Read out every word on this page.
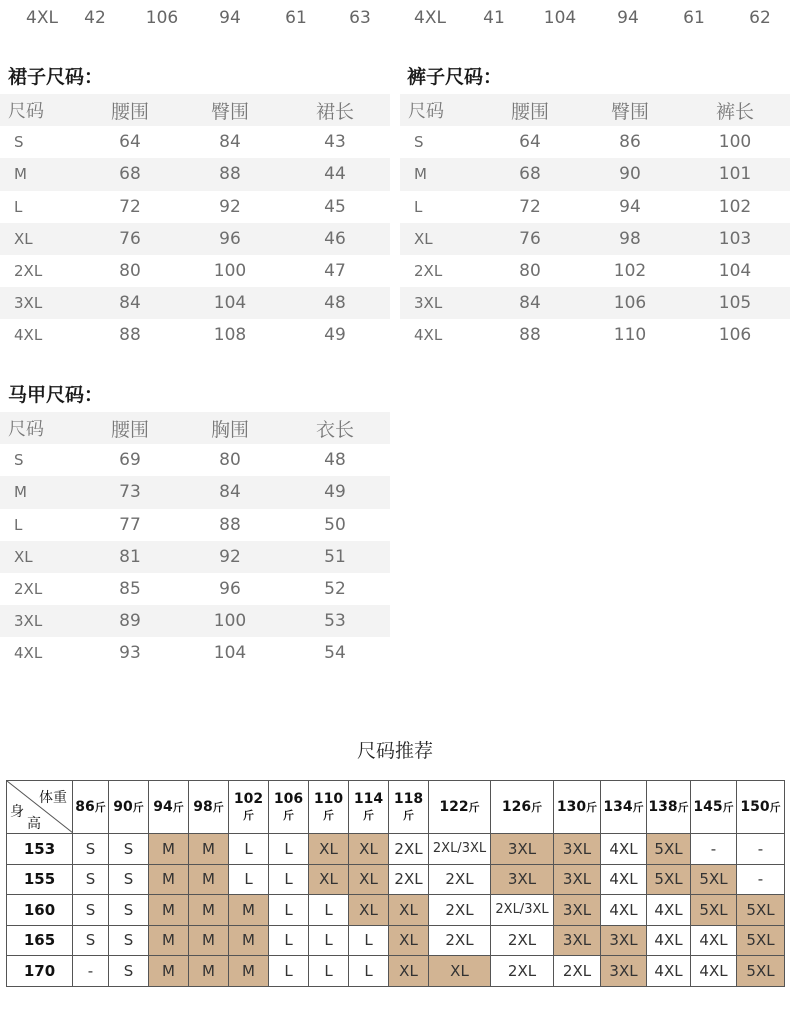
4XL	42	106	94	61	63	4XL	41	104	94	61	62
裙子尺码：
尺码	腰围	臀围	裙长
S	64	84	43
M	68	88	44
L	72	92	45
XL	76	96	46
2XL	80	100	47
3XL	84	104	48
4XL	88	108	49
裤子尺码：
尺码	腰围	臀围	裤长
S	64	86	100
M	68	90	101
L	72	94	102
XL	76	98	103
2XL	80	102	104
3XL	84	106	105
4XL	88	110	106
马甲尺码：
尺码	腰围	胸围	衣长
S	69	80	48
M	73	84	49
L	77	88	50
XL	81	92	51
2XL	85	96	52
3XL	89	100	53
4XL	93	104	54
尺码推荐
体重
身
高	86斤	90斤	94斤	98斤	102斤	106斤	110斤	114斤	118斤	122斤	126斤	130斤	134斤	138斤	145斤	150斤
153	S	S	M	M	L	L	XL	XL	2XL	2XL/3XL	3XL	3XL	4XL	5XL	-	-
155	S	S	M	M	L	L	XL	XL	2XL	2XL	3XL	3XL	4XL	5XL	5XL	-
160	S	S	M	M	M	L	L	XL	XL	2XL	2XL/3XL	3XL	4XL	4XL	5XL	5XL
165	S	S	M	M	M	L	L	L	XL	2XL	2XL	3XL	3XL	4XL	4XL	5XL
170	-	S	M	M	M	L	L	L	XL	XL	2XL	2XL	3XL	4XL	4XL	5XL
